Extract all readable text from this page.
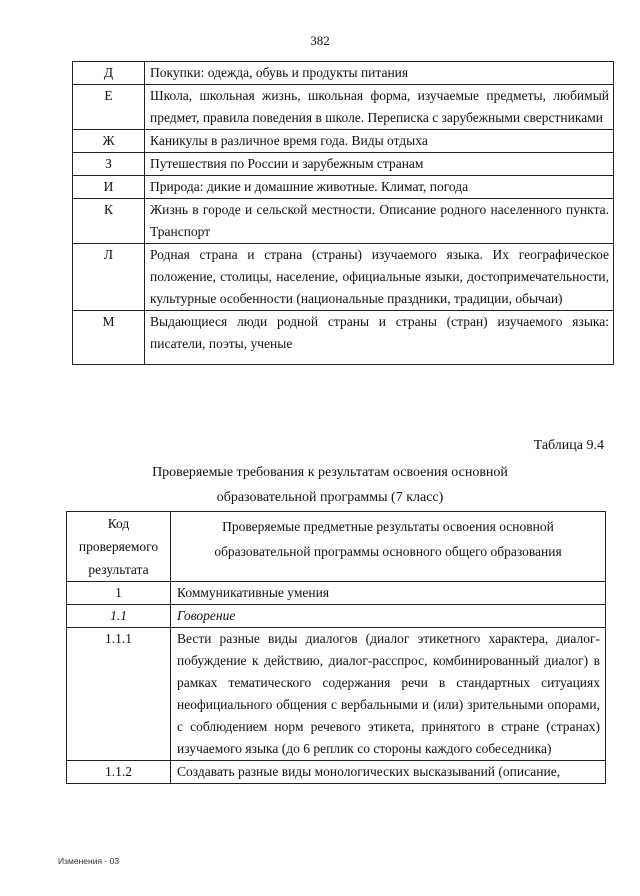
382
Д	Покупки: одежда, обувь и продукты питания
Е	Школа, школьная жизнь, школьная форма, изучаемые предметы, любимый предмет, правила поведения в школе. Переписка с зарубежными сверстниками
Ж	Каникулы в различное время года. Виды отдыха
З	Путешествия по России и зарубежным странам
И	Природа: дикие и домашние животные. Климат, погода
К	Жизнь в городе и сельской местности. Описание родного населенного пункта. Транспорт
Л	Родная страна и страна (страны) изучаемого языка. Их географическое положение, столицы, население, официальные языки, достопримечательности, культурные особенности (национальные праздники, традиции, обычаи)
М	Выдающиеся люди родной страны и страны (стран) изучаемого языка: писатели, поэты, ученые
Таблица 9.4
Проверяемые требования к результатам освоения основной
образовательной программы (7 класс)
Код проверяемого результата	Проверяемые предметные результаты освоения основной образовательной программы основного общего образования
1	Коммуникативные умения
1.1	Говорение
1.1.1	Вести разные виды диалогов (диалог этикетного характера, диалог-побуждение к действию, диалог-расспрос, комбинированный диалог) в рамках тематического содержания речи в стандартных ситуациях неофициального общения с вербальными и (или) зрительными опорами, с соблюдением норм речевого этикета, принятого в стране (странах) изучаемого языка (до 6 реплик со стороны каждого собеседника)
1.1.2	Создавать разные виды монологических высказываний (описание,
Изменения - 03
